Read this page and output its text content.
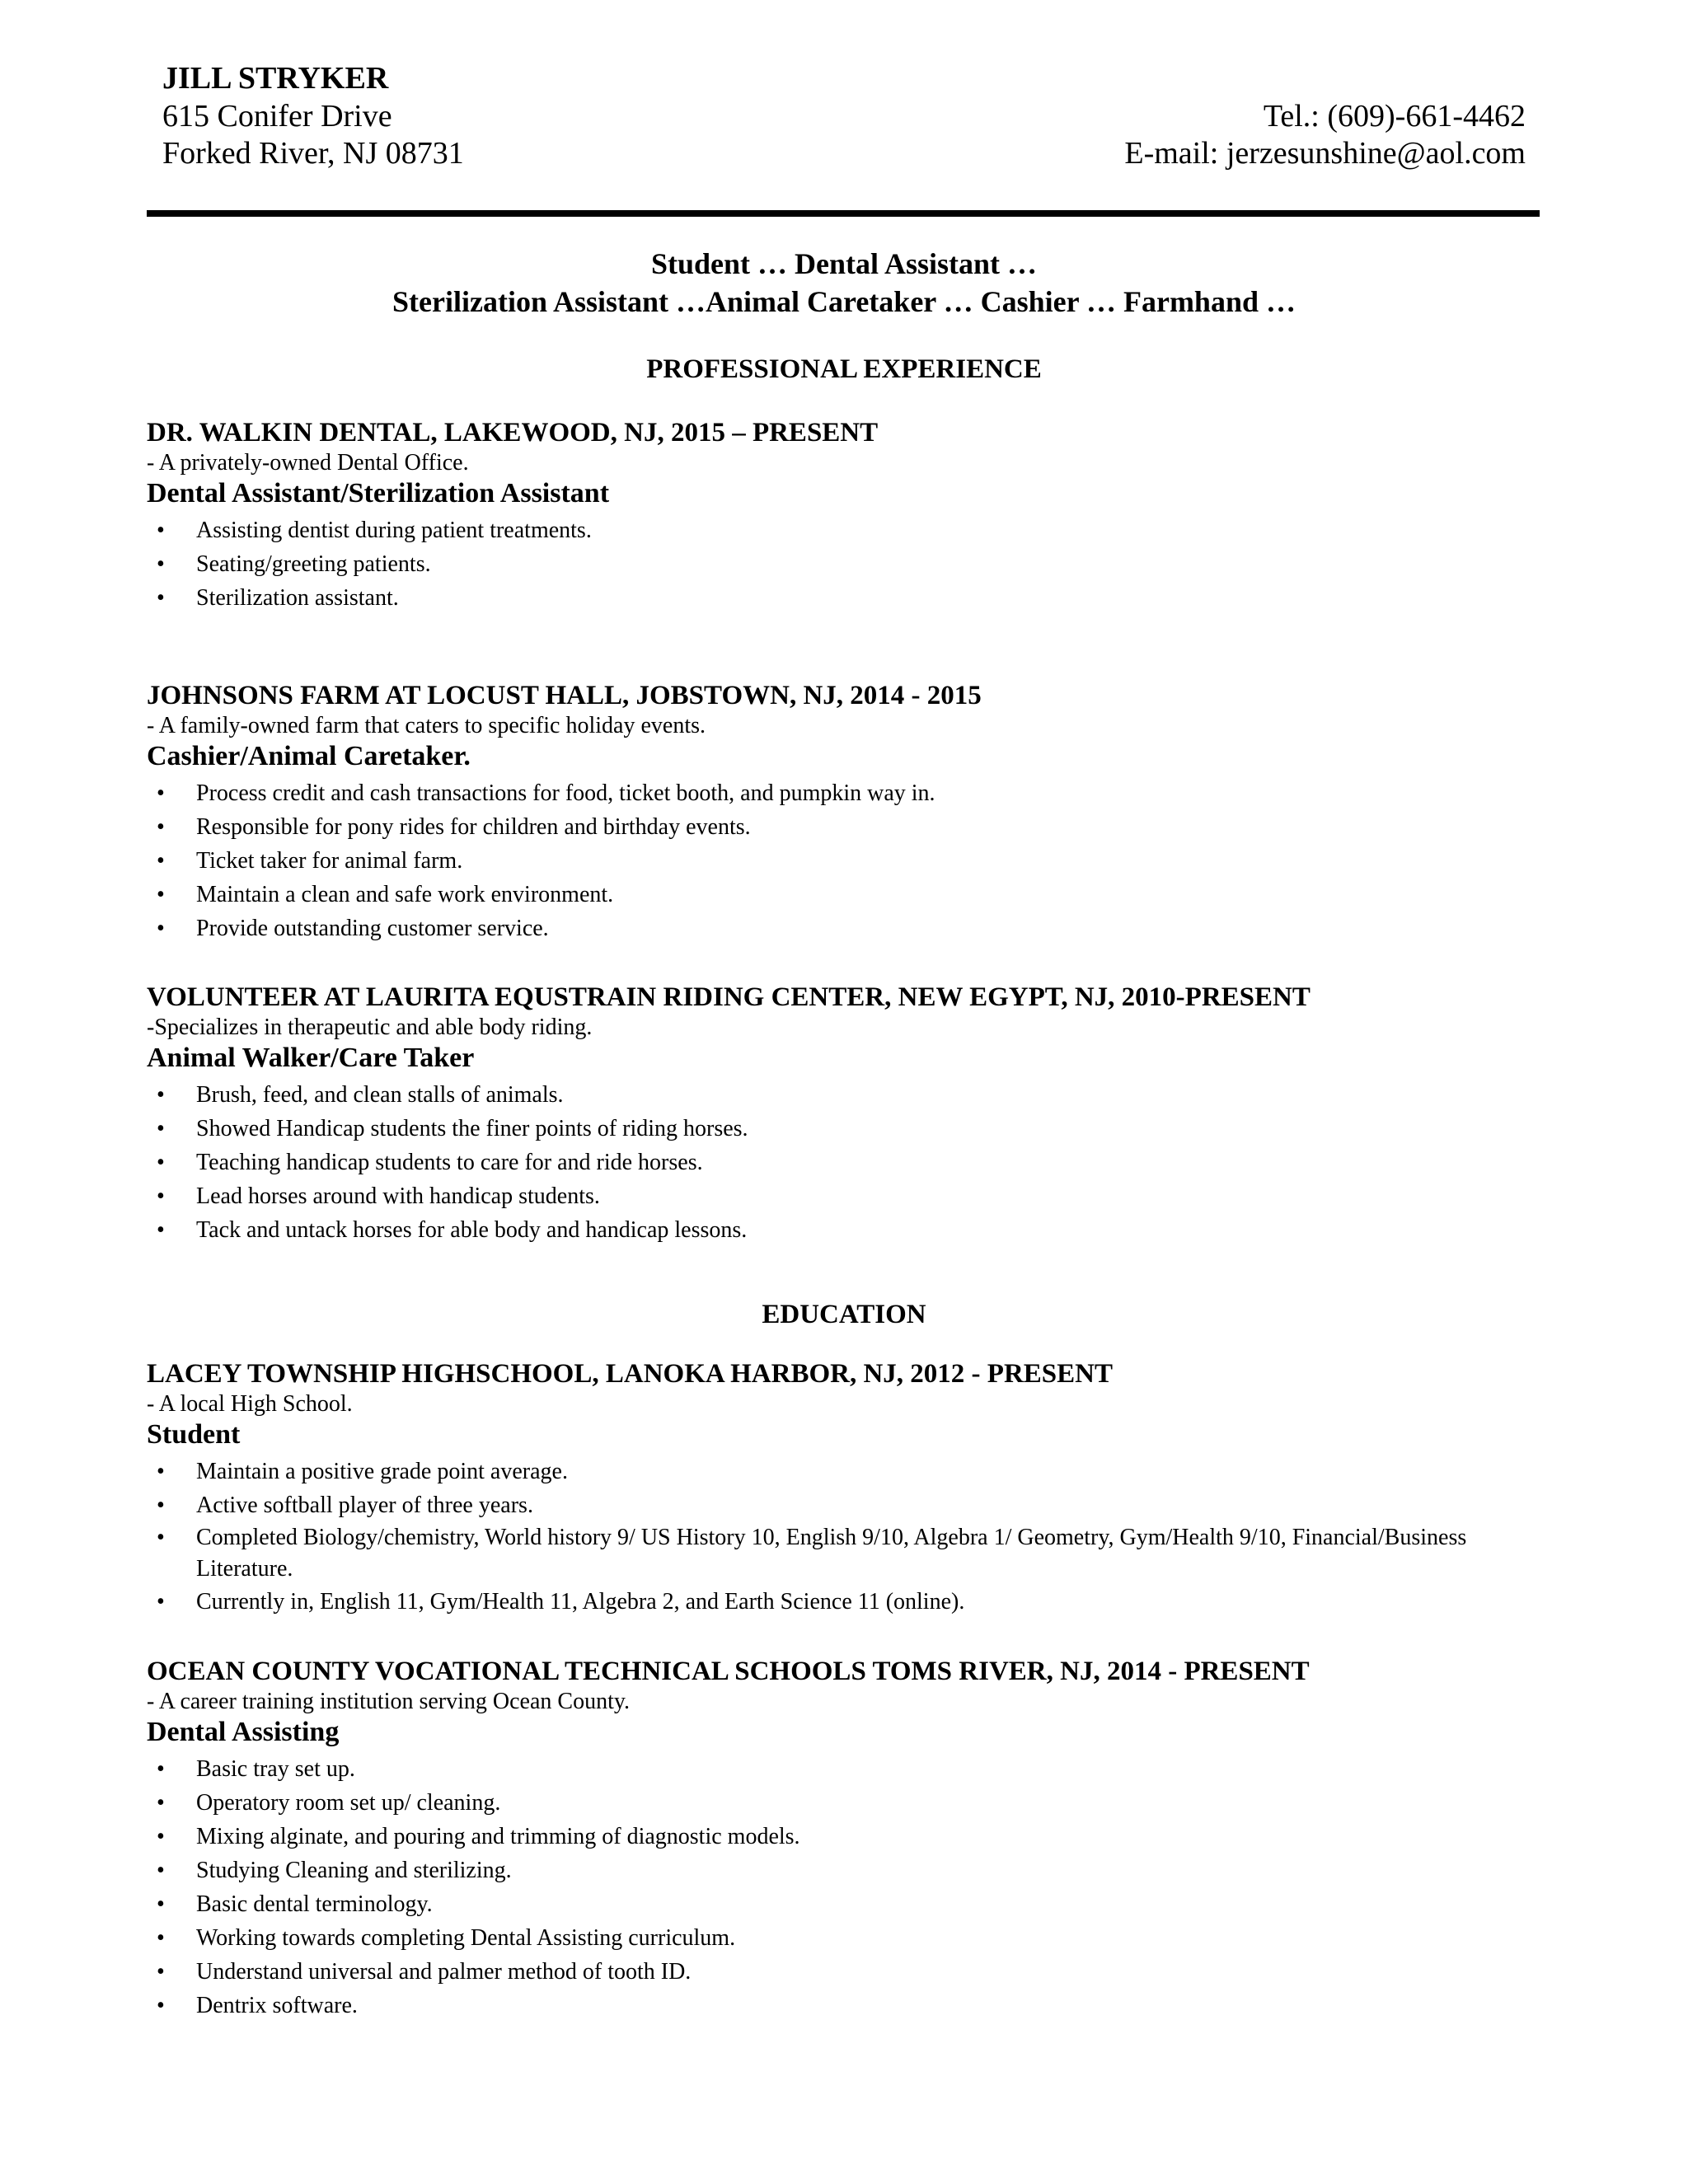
JILL STRYKER
615 Conifer Drive
Forked River, NJ 08731
Tel.: (609)-661-4462
E-mail: jerzesunshine@aol.com
Student … Dental Assistant …
Sterilization Assistant …Animal Caretaker … Cashier … Farmhand …
PROFESSIONAL EXPERIENCE
DR. WALKIN DENTAL, LAKEWOOD, NJ, 2015 – PRESENT
- A privately-owned Dental Office.
Dental Assistant/Sterilization Assistant
• Assisting dentist during patient treatments.
• Seating/greeting patients.
• Sterilization assistant.
JOHNSONS FARM AT LOCUST HALL, JOBSTOWN, NJ, 2014 - 2015
- A family-owned farm that caters to specific holiday events.
Cashier/Animal Caretaker.
• Process credit and cash transactions for food, ticket booth, and pumpkin way in.
• Responsible for pony rides for children and birthday events.
• Ticket taker for animal farm.
• Maintain a clean and safe work environment.
• Provide outstanding customer service.
VOLUNTEER AT LAURITA EQUSTRAIN RIDING CENTER, NEW EGYPT, NJ, 2010-PRESENT
-Specializes in therapeutic and able body riding.
Animal Walker/Care Taker
• Brush, feed, and clean stalls of animals.
• Showed Handicap students the finer points of riding horses.
• Teaching handicap students to care for and ride horses.
• Lead horses around with handicap students.
• Tack and untack horses for able body and handicap lessons.
EDUCATION
LACEY TOWNSHIP HIGHSCHOOL, LANOKA HARBOR, NJ, 2012 - PRESENT
- A local High School.
Student
• Maintain a positive grade point average.
• Active softball player of three years.
• Completed Biology/chemistry, World history 9/ US History 10, English 9/10, Algebra 1/ Geometry, Gym/Health 9/10, Financial/Business Literature.
• Currently in, English 11, Gym/Health 11, Algebra 2, and Earth Science 11 (online).
OCEAN COUNTY VOCATIONAL TECHNICAL SCHOOLS TOMS RIVER, NJ, 2014 - PRESENT
- A career training institution serving Ocean County.
Dental Assisting
• Basic tray set up.
• Operatory room set up/ cleaning.
• Mixing alginate, and pouring and trimming of diagnostic models.
• Studying Cleaning and sterilizing.
• Basic dental terminology.
• Working towards completing Dental Assisting curriculum.
• Understand universal and palmer method of tooth ID.
• Dentrix software.
